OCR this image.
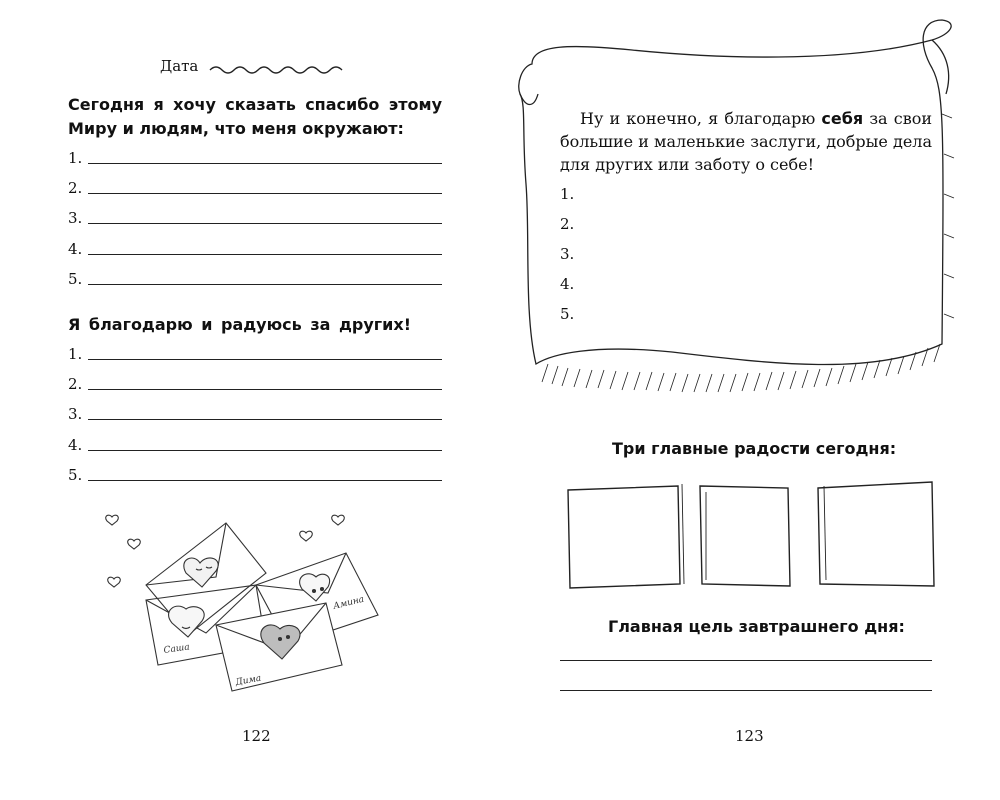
Дата
Сегодня я хочу сказать спасибо этому
Миру и людям, что меня окружают:
1.
2.
3.
4.
5.
Я благодарю и радуюсь за других!
1.
2.
3.
4.
5.
Амина
Саша
Дима
122
Ну и конечно, я благодарю себя за свои большие и маленькие заслуги, добрые дела для других или заботу о себе!
1.
2.
3.
4.
5.
Три главные радости сегодня:
Главная цель завтрашнего дня:
123
